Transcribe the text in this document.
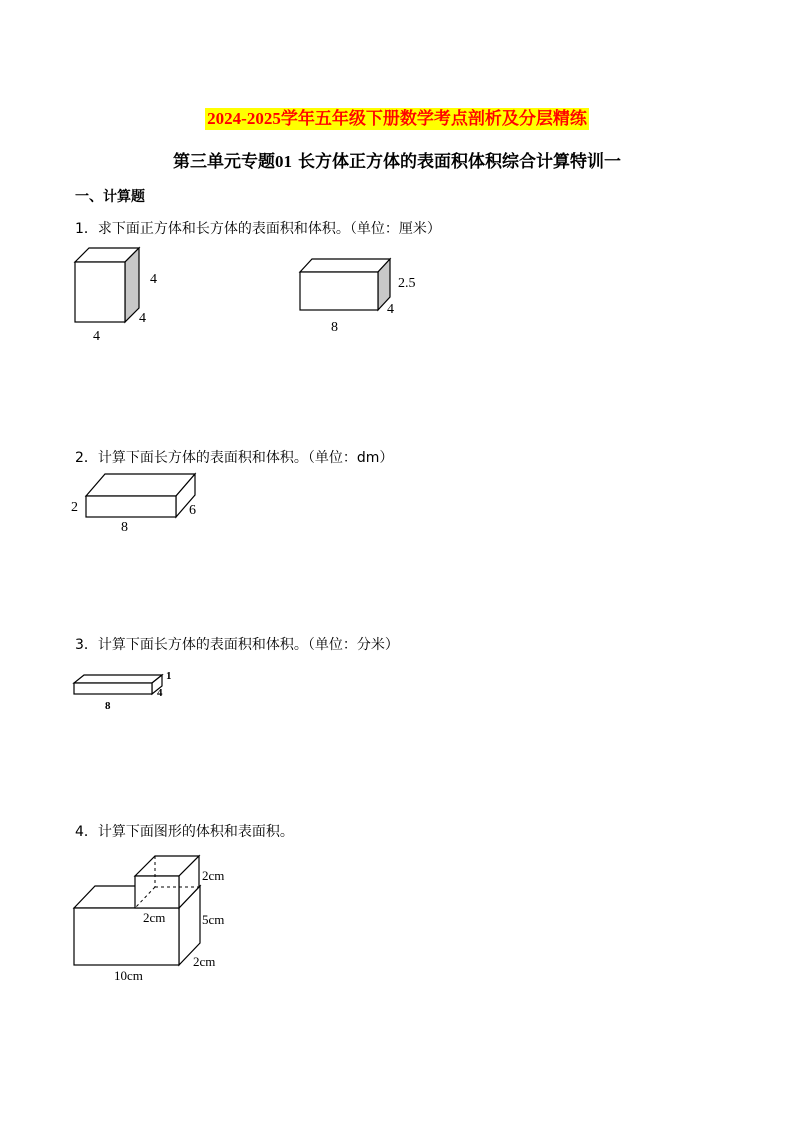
2024-2025学年五年级下册数学考点剖析及分层精练
第三单元专题01 长方体正方体的表面积体积综合计算特训一
一、计算题
1．求下面正方体和长方体的表面积和体积。（单位：厘米）
4
4
4
2.5
4
8
2．计算下面长方体的表面积和体积。（单位：dm）
2	6
8
3．计算下面长方体的表面积和体积。（单位：分米）
1
4
8
4．计算下面图形的体积和表面积。
2cm
2cm	5cm
2cm
10cm
